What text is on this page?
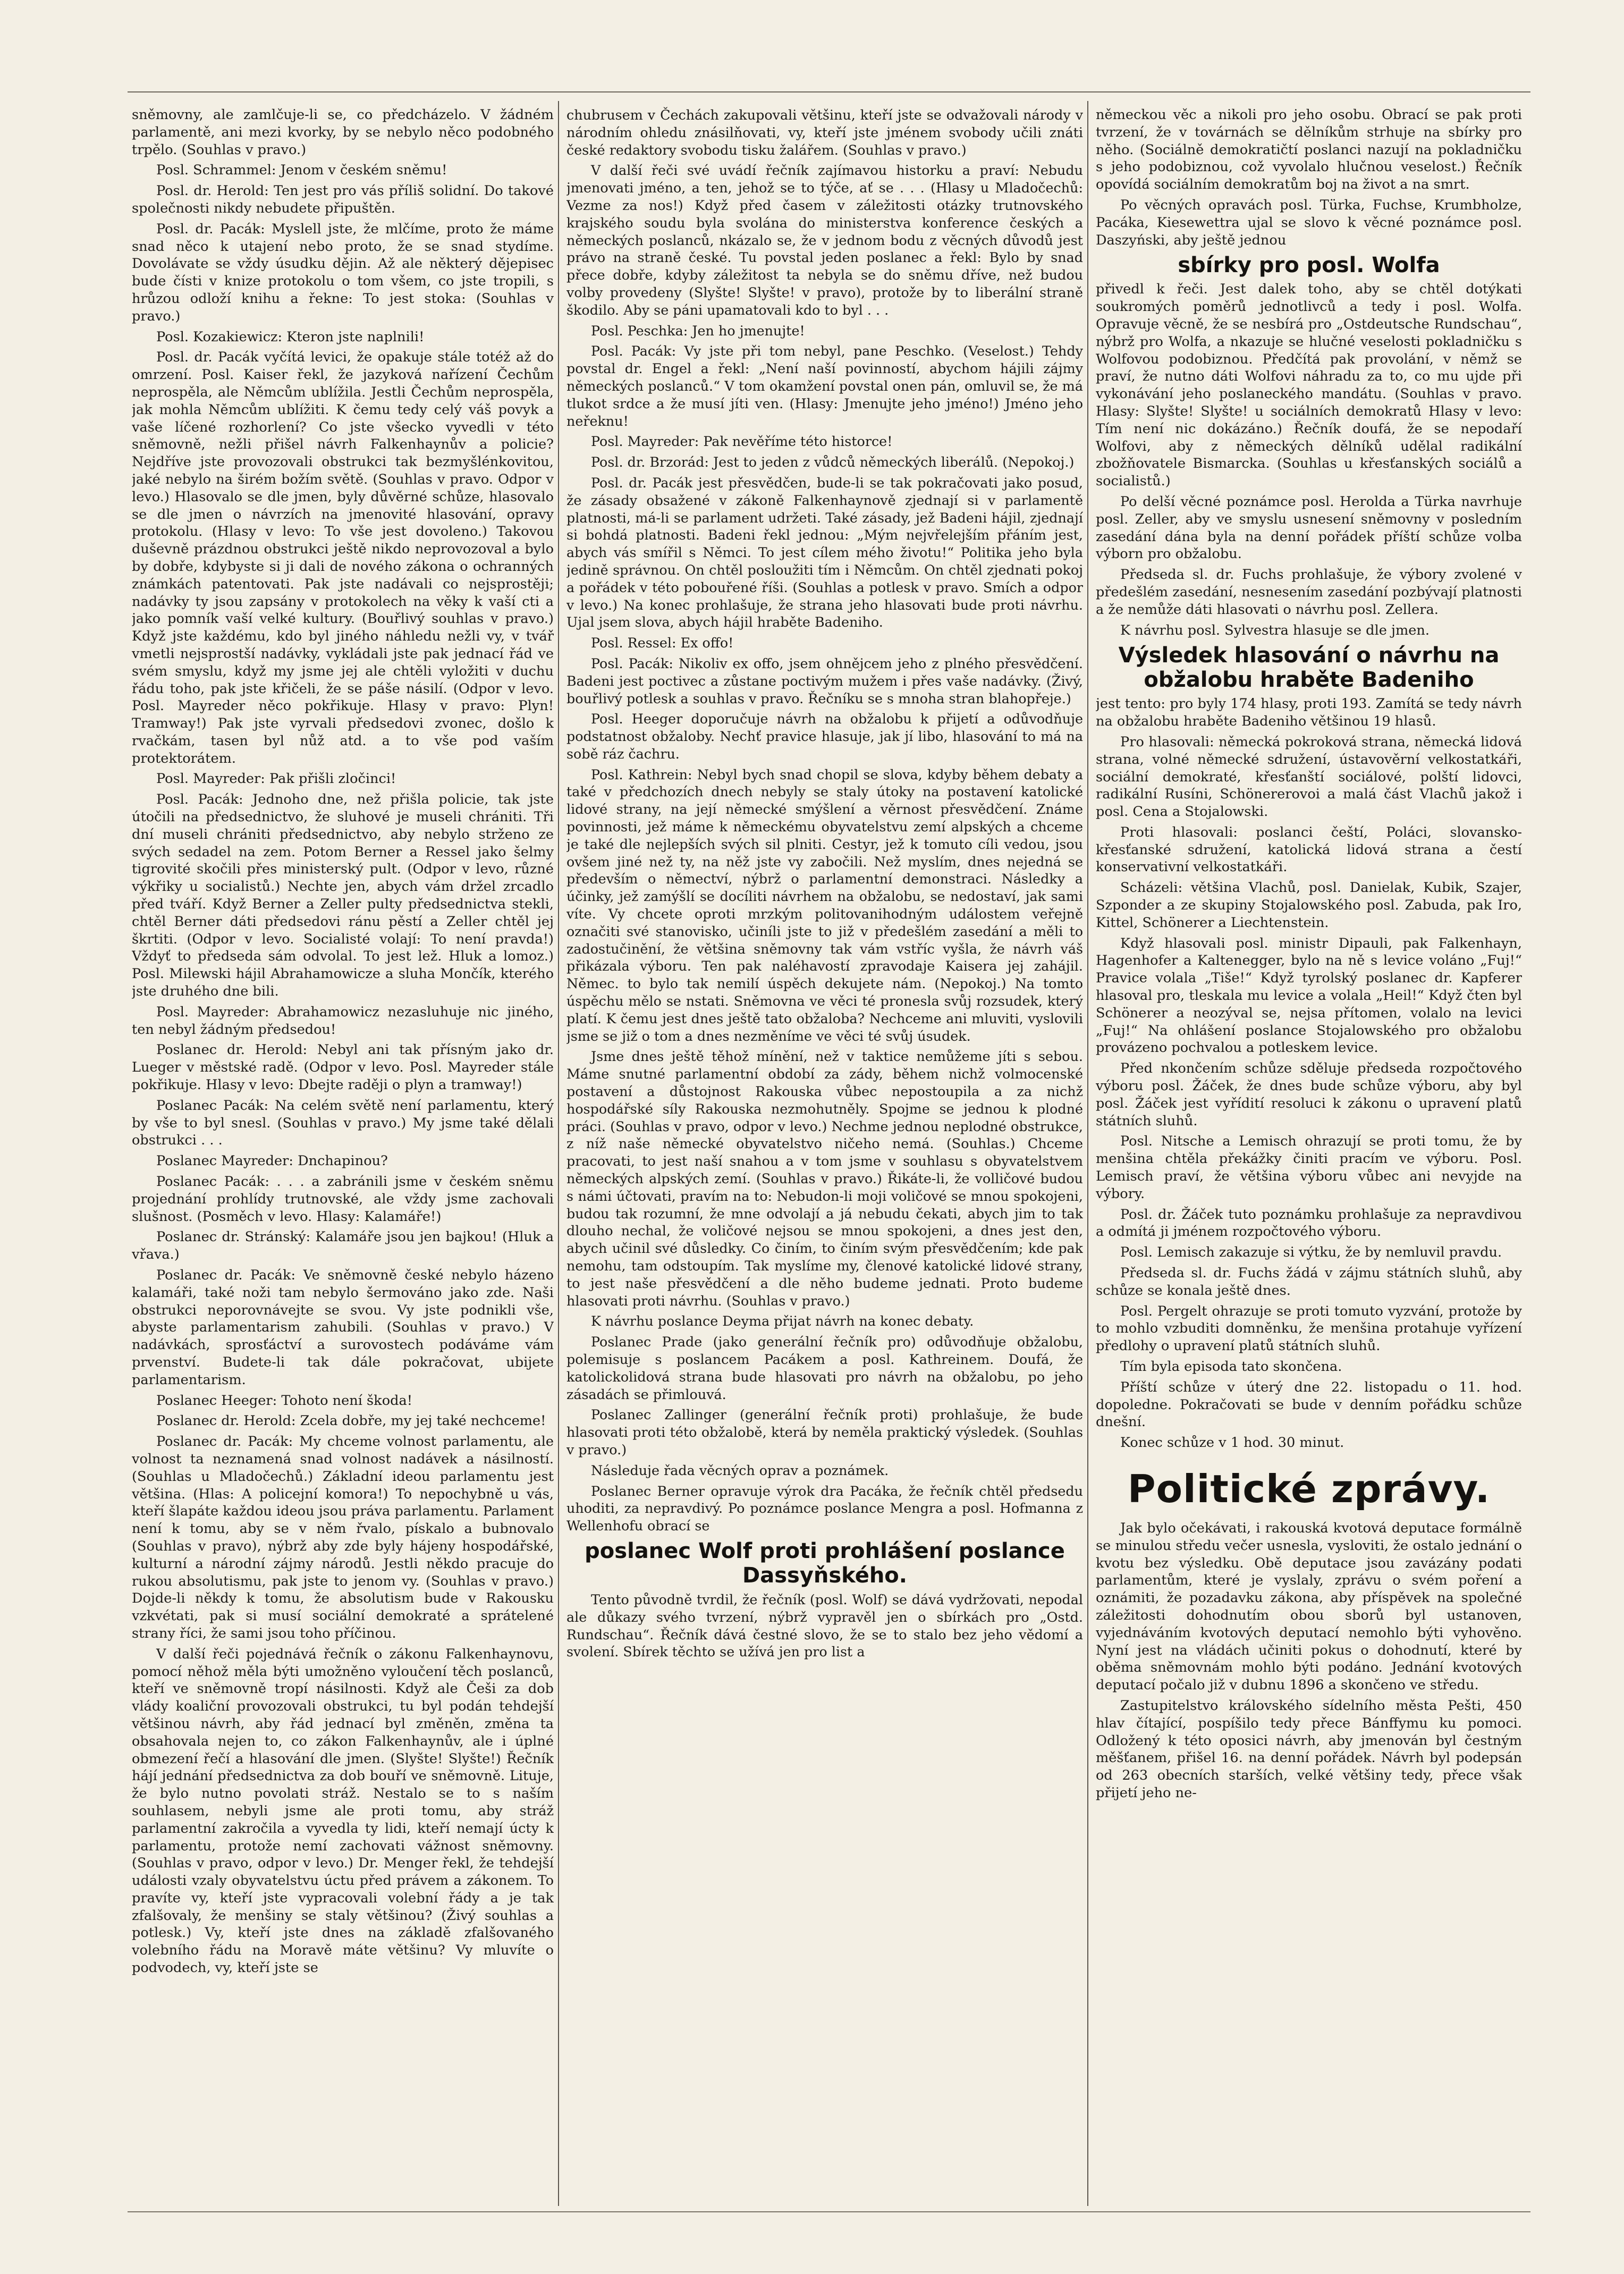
sněmovny, ale zamlčuje-li se, co předcházelo. V žádném parlamentě, ani mezi kvorky, by se nebylo něco podobného trpělo. (Souhlas v pravo.)

Posl. Schrammel: Jenom v českém sněmu!

Posl. dr. Herold: Ten jest pro vás příliš solidní. Do takové společnosti nikdy nebudete připuštěn.

Posl. dr. Pacák: Myslell jste, že mlčíme, proto že máme snad něco k utajení nebo proto, že se snad stydíme. Dovolávate se vždy úsudku dějin. Až ale některý dějepisec bude čísti v knize protokolu o tom všem, co jste tropili, s hrůzou odloží knihu a řekne: To jest stoka: (Souhlas v pravo.)

Posl. Kozakiewicz: Kteron jste naplnili!

Posl. dr. Pacák vyčítá levici, že opakuje stále totéž až do omrzení. Posl. Kaiser řekl, že jazyková nařízení Čechům neprospěla, ale Němcům ublížila. Jestli Čechům neprospěla, jak mohla Němcům ublížiti. K čemu tedy celý váš povyk a vaše líčené rozhorlení? Co jste všecko vyvedli v této sněmovně, nežli přišel návrh Falkenhaynův a policie? Nejdříve jste provozovali obstrukci tak bezmyšlénkovitou, jaké nebylo na širém božím světě. (Souhlas v pravo. Odpor v levo.) Hlasovalo se dle jmen, byly důvěrné schůze, hlasovalo se dle jmen o návrzích na jmenovité hlasování, opravy protokolu. (Hlasy v levo: To vše jest dovoleno.) Takovou duševně prázdnou obstrukci ještě nikdo neprovozoval a bylo by dobře, kdybyste si ji dali de nového zákona o ochranných známkách patentovati. Pak jste nadávali co nejsprostěji; nadávky ty jsou zapsány v protokolech na věky k vaší cti a jako pomník vaší velké kultury. (Bouřlivý souhlas v pravo.) Když jste každému, kdo byl jiného náhledu nežli vy, v tvář vmetli nejsprostší nadávky, vykládali jste pak jednací řád ve svém smyslu, když my jsme jej ale chtěli vyložiti v duchu řádu toho, pak jste křičeli, že se páše násilí. (Odpor v levo. Posl. Mayreder něco pokřikuje. Hlasy v pravo: Plyn! Tramway!) Pak jste vyrvali předsedovi zvonec, došlo k rvačkám, tasen byl nůž atd. a to vše pod vaším protektorátem.

Posl. Mayreder: Pak přišli zločinci!

Posl. Pacák: Jednoho dne, než přišla policie, tak jste útočili na předsednictvo, že sluhové je museli chrániti. Tři dní museli chrániti předsednictvo, aby nebylo strženo ze svých sedadel na zem. Potom Berner a Ressel jako šelmy tigrovité skočili přes ministerský pult. (Odpor v levo, různé výkřiky u socialistů.) Nechte jen, abych vám držel zrcadlo před tváří. Když Berner a Zeller pulty předsednictva stekli, chtěl Berner dáti předsedovi ránu pěstí a Zeller chtěl jej škrtiti. (Odpor v levo. Socialisté volají: To není pravda!) Vždyť to předseda sám odvolal. To jest lež. Hluk a lomoz.) Posl. Milewski hájil Abrahamowicze a sluha Mončík, kterého jste druhého dne bili.

Posl. Mayreder: Abrahamowicz nezasluhuje nic jiného, ten nebyl žádným předsedou!

Poslanec dr. Herold: Nebyl ani tak přísným jako dr. Lueger v městské radě. (Odpor v levo. Posl. Mayreder stále pokřikuje. Hlasy v levo: Dbejte raději o plyn a tramway!)

Poslanec Pacák: Na celém světě není parlamentu, který by vše to byl snesl. (Souhlas v pravo.) My jsme také dělali obstrukci . . .

Poslanec Mayreder: Dnchapinou?

Poslanec Pacák: . . . a zabránili jsme v českém sněmu projednání prohlídy trutnovské, ale vždy jsme zachovali slušnost. (Posměch v levo. Hlasy: Kalamáře!)

Poslanec dr. Stránský: Kalamáře jsou jen bajkou! (Hluk a vřava.)

Poslanec dr. Pacák: Ve sněmovně české nebylo házeno kalamáři, také noži tam nebylo šermováno jako zde. Naši obstrukci neporovnávejte se svou. Vy jste podnikli vše, abyste parlamentarism zahubili. (Souhlas v pravo.) V nadávkách, sprosťáctví a surovostech podáváme vám prvenství. Budete-li tak dále pokračovat, ubijete parlamentarism.

Poslanec Heeger: Tohoto není škoda!

Poslanec dr. Herold: Zcela dobře, my jej také nechceme!

Poslanec dr. Pacák: My chceme volnost parlamentu, ale volnost ta neznamená snad volnost nadávek a násilností. (Souhlas u Mladočechů.) Základní ideou parlamentu jest většina. (Hlas: A policejní komora!) To nepochybně u vás, kteří šlapáte každou ideou jsou práva parlamentu. Parlament není k tomu, aby se v něm řvalo, pískalo a bubnovalo (Souhlas v pravo), nýbrž aby zde byly hájeny hospodářské, kulturní a národní zájmy národů. Jestli někdo pracuje do rukou absolutismu, pak jste to jenom vy. (Souhlas v pravo.) Dojde-li někdy k tomu, že absolutism bude v Rakousku vzkvétati, pak si musí sociální demokraté a sprátelené strany říci, že sami jsou toho příčinou.

V další řeči pojednává řečník o zákonu Falkenhaynovu, pomocí něhož měla býti umožněno vyloučení těch poslanců, kteří ve sněmovně tropí násilnosti. Když ale Češi za dob vlády koaliční provozovali obstrukci, tu byl podán tehdejší většinou návrh, aby řád jednací byl změněn, změna ta obsahovala nejen to, co zákon Falkenhaynův, ale i úplné obmezení řečí a hlasování dle jmen. (Slyšte! Slyšte!) Řečník hájí jednání předsednictva za dob bouří ve sněmovně. Lituje, že bylo nutno povolati stráž. Nestalo se to s naším souhlasem, nebyli jsme ale proti tomu, aby stráž parlamentní zakročila a vyvedla ty lidi, kteří nemají úcty k parlamentu, protože nemí zachovati vážnost sněmovny. (Souhlas v pravo, odpor v levo.) Dr. Menger řekl, že tehdejší události vzaly obyvatelstvu úctu před právem a zákonem. To pravíte vy, kteří jste vypracovali volební řády a je tak zfalšovaly, že menšiny se staly většinou? (Živý souhlas a potlesk.) Vy, kteří jste dnes na základě zfalšovaného volebního řádu na Moravě máte většinu? Vy mluvíte o podvodech, vy, kteří jste se

chubrusem v Čechách zakupovali většinu, kteří jste se odvažovali národy v národním ohledu znásilňovati, vy, kteří jste jménem svobody učili znáti české redaktory svobodu tisku žalářem. (Souhlas v pravo.)

V další řeči své uvádí řečník zajímavou historku a praví: Nebudu jmenovati jméno, a ten, jehož se to týče, ať se . . . (Hlasy u Mladočechů: Vezme za nos!) Když před časem v záležitosti otázky trutnovského krajského soudu byla svolána do ministerstva konference českých a německých poslanců, nkázalo se, že v jednom bodu z věcných důvodů jest právo na straně české. Tu povstal jeden poslanec a řekl: Bylo by snad přece dobře, kdyby záležitost ta nebyla se do sněmu dříve, než budou volby provedeny (Slyšte! Slyšte! v pravo), protože by to liberální straně škodilo. Aby se páni upamatovali kdo to byl . . .

Posl. Peschka: Jen ho jmenujte!

Posl. Pacák: Vy jste při tom nebyl, pane Peschko. (Veselost.) Tehdy povstal dr. Engel a řekl: „Není naší povinností, abychom hájili zájmy německých poslanců.“ V tom okamžení povstal onen pán, omluvil se, že má tlukot srdce a že musí jíti ven. (Hlasy: Jmenujte jeho jméno!) Jméno jeho neřeknu!

Posl. Mayreder: Pak nevěříme této historce!

Posl. dr. Brzorád: Jest to jeden z vůdců německých liberálů. (Nepokoj.)

Posl. dr. Pacák jest přesvědčen, bude-li se tak pokračovati jako posud, že zásady obsažené v zákoně Falkenhaynově zjednají si v parlamentě platnosti, má-li se parlament udržeti. Také zásady, jež Badeni hájil, zjednají si bohdá platnosti. Badeni řekl jednou: „Mým nejvřelejším přáním jest, abych vás smířil s Němci. To jest cílem mého životu!“ Politika jeho byla jedině správnou. On chtěl posloužiti tím i Němcům. On chtěl zjednati pokoj a pořádek v této pobouřené říši. (Souhlas a potlesk v pravo. Smích a odpor v levo.) Na konec prohlašuje, že strana jeho hlasovati bude proti návrhu. Ujal jsem slova, abych hájil hraběte Badeniho.

Posl. Ressel: Ex offo!

Posl. Pacák: Nikoliv ex offo, jsem ohnějcem jeho z plného přesvědčení. Badeni jest poctivec a zůstane poctivým mužem i přes vaše nadávky. (Živý, bouřlivý potlesk a souhlas v pravo. Řečníku se s mnoha stran blahopřeje.)

Posl. Heeger doporučuje návrh na obžalobu k přijetí a odůvodňuje podstatnost obžaloby. Nechť pravice hlasuje, jak jí libo, hlasování to má na sobě ráz čachru.

Posl. Kathrein: Nebyl bych snad chopil se slova, kdyby během debaty a také v předchozích dnech nebyly se staly útoky na postavení katolické lidové strany, na její německé smýšlení a věrnost přesvědčení. Známe povinnosti, jež máme k německému obyvatelstvu zemí alpských a chceme je také dle nejlepších svých sil plniti. Cestyr, jež k tomuto cíli vedou, jsou ovšem jiné než ty, na něž jste vy zabočili. Než myslím, dnes nejedná se především o němectví, nýbrž o parlamentní demonstraci. Následky a účinky, jež zamýšlí se docíliti návrhem na obžalobu, se nedostaví, jak sami víte. Vy chcete oproti mrzkým politovanihodným událostem veřejně označiti své stanovisko, učiníli jste to již v předešlém zasedání a měli to zadostučinění, že většina sněmovny tak vám vstříc vyšla, že návrh váš přikázala výboru. Ten pak naléhavostí zpravodaje Kaisera jej zahájil. Němec. to bylo tak nemilí úspěch dekujete nám. (Nepokoj.) Na tomto úspěchu mělo se nstati. Sněmovna ve věci té pronesla svůj rozsudek, který platí. K čemu jest dnes ještě tato obžaloba? Nechceme ani mluviti, vyslovili jsme se již o tom a dnes nezměníme ve věci té svůj úsudek.

Jsme dnes ještě těhož mínění, než v taktice nemůžeme jíti s sebou. Máme snutné parlamentní období za zády, během nichž volmocenské postavení a důstojnost Rakouska vůbec nepostoupila a za nichž hospodářské síly Rakouska nezmohutněly. Spojme se jednou k plodné práci. (Souhlas v pravo, odpor v levo.) Nechme jednou neplodné obstrukce, z níž naše německé obyvatelstvo ničeho nemá. (Souhlas.) Chceme pracovati, to jest naší snahou a v tom jsme v souhlasu s obyvatelstvem německých alpských zemí. (Souhlas v pravo.) Řikáte-li, že volličové budou s námi účtovati, pravím na to: Nebudon-li moji voličové se mnou spokojeni, budou tak rozumní, že mne odvolají a já nebudu čekati, abych jim to tak dlouho nechal, že voličové nejsou se mnou spokojeni, a dnes jest den, abych učinil své důsledky. Co činím, to činím svým přesvědčením; kde pak nemohu, tam odstoupím. Tak myslíme my, členové katolické lidové strany, to jest naše přesvědčení a dle něho budeme jednati. Proto budeme hlasovati proti návrhu. (Souhlas v pravo.)

K návrhu poslance Deyma přijat návrh na konec debaty.

Poslanec Prade (jako generální řečník pro) odůvodňuje obžalobu, polemisuje s poslancem Pacákem a posl. Kathreinem. Doufá, že katolickolidová strana bude hlasovati pro návrh na obžalobu, po jeho zásadách se přimlouvá.

Poslanec Zallinger (generální řečník proti) prohlašuje, že bude hlasovati proti této obžalobě, která by neměla praktický výsledek. (Souhlas v pravo.)

Následuje řada věcných oprav a poznámek.

Poslanec Berner opravuje výrok dra Pacáka, že řečník chtěl předsedu uhoditi, za nepravdivý. Po poznámce poslance Mengra a posl. Hofmanna z Wellenhofu obrací se

poslanec Wolf proti prohlášení poslance Dassyňského.

Tento původně tvrdil, že řečník (posl. Wolf) se dává vydržovati, nepodal ale důkazy svého tvrzení, nýbrž vypravěl jen o sbírkách pro „Ostd. Rundschau“. Řečník dává čestné slovo, že se to stalo bez jeho vědomí a svolení. Sbírek těchto se užívá jen pro list a

německou věc a nikoli pro jeho osobu. Obrací se pak proti tvrzení, že v továrnách se dělníkům strhuje na sbírky pro něho. (Sociálně demokratičtí poslanci nazují na pokladničku s jeho podobiznou, což vyvolalo hlučnou veselost.) Řečník opovídá sociálním demokratům boj na život a na smrt.

Po věcných opravách posl. Türka, Fuchse, Krumbholze, Pacáka, Kiesewettra ujal se slovo k věcné poznámce posl. Daszyński, aby ještě jednou

sbírky pro posl. Wolfa

přivedl k řeči. Jest dalek toho, aby se chtěl dotýkati soukromých poměrů jednotlivců a tedy i posl. Wolfa. Opravuje věcně, že se nesbírá pro „Ostdeutsche Rundschau“, nýbrž pro Wolfa, a nkazuje se hlučné veselosti pokladničku s Wolfovou podobiznou. Předčítá pak provolání, v němž se praví, že nutno dáti Wolfovi náhradu za to, co mu ujde při vykonávání jeho poslaneckého mandátu. (Souhlas v pravo. Hlasy: Slyšte! Slyšte! u sociálních demokratů Hlasy v levo: Tím není nic dokázáno.) Řečník doufá, že se nepodaří Wolfovi, aby z německých dělníků udělal radikální zbožňovatele Bismarcka. (Souhlas u křesťanských sociálů a socialistů.)

Po delší věcné poznámce posl. Herolda a Türka navrhuje posl. Zeller, aby ve smyslu usnesení sněmovny v posledním zasedání dána byla na denní pořádek příští schůze volba výborn pro obžalobu.

Předseda sl. dr. Fuchs prohlašuje, že výbory zvolené v předešlém zasedání, nesnesením zasedání pozbývají platnosti a že nemůže dáti hlasovati o návrhu posl. Zellera.

K návrhu posl. Sylvestra hlasuje se dle jmen.

Výsledek hlasování o návrhu na obžalobu hraběte Badeniho

jest tento: pro byly 174 hlasy, proti 193. Zamítá se tedy návrh na obžalobu hraběte Badeniho většinou 19 hlasů.

Pro hlasovali: německá pokroková strana, německá lidová strana, volné německé sdružení, ústavověrní velkostatkáři, sociální demokraté, křesťanští sociálové, polští lidovci, radikální Rusíni, Schönererovoi a malá část Vlachů jakož i posl. Cena a Stojalowski.

Proti hlasovali: poslanci čeští, Poláci, slovansko-křesťanské sdružení, katolická lidová strana a čestí konservativní velkostatkáři.

Scházeli: většina Vlachů, posl. Danielak, Kubik, Szajer, Szponder a ze skupiny Stojalowského posl. Zabuda, pak Iro, Kittel, Schönerer a Liechtenstein.

Když hlasovali posl. ministr Dipauli, pak Falkenhayn, Hagenhofer a Kaltenegger, bylo na ně s levice voláno „Fuj!“ Pravice volala „Tiše!“ Když tyrolský poslanec dr. Kapferer hlasoval pro, tleskala mu levice a volala „Heil!“ Když čten byl Schönerer a neozýval se, nejsa přítomen, volalo na levici „Fuj!“ Na ohlášení poslance Stojalowského pro obžalobu provázeno pochvalou a potleskem levice.

Před nkončením schůze sděluje předseda rozpočtového výboru posl. Žáček, že dnes bude schůze výboru, aby byl posl. Žáček jest vyřídití resoluci k zákonu o upravení platů státních sluhů.

Posl. Nitsche a Lemisch ohrazují se proti tomu, že by menšina chtěla překážky činiti pracím ve výboru. Posl. Lemisch praví, že většina výboru vůbec ani nevyjde na výbory.

Posl. dr. Žáček tuto poznámku prohlašuje za nepravdivou a odmítá ji jménem rozpočtového výboru.

Posl. Lemisch zakazuje si výtku, že by nemluvil pravdu.

Předseda sl. dr. Fuchs žádá v zájmu státních sluhů, aby schůze se konala ještě dnes.

Posl. Pergelt ohrazuje se proti tomuto vyzvání, protože by to mohlo vzbuditi domněnku, že menšina protahuje vyřízení předlohy o upravení platů státních sluhů.

Tím byla episoda tato skončena.

Příští schůze v úterý dne 22. listopadu o 11. hod. dopoledne. Pokračovati se bude v denním pořádku schůze dnešní.

Konec schůze v 1 hod. 30 minut.

Politické zprávy.

Jak bylo očekávati, i rakouská kvotová deputace formálně se minulou středu večer usnesla, vysloviti, že ostalo jednání o kvotu bez výsledku. Obě deputace jsou zavázány podati parlamentům, které je vyslaly, zprávu o svém poření a oznámiti, že pozadavku zákona, aby příspěvek na společné záležitosti dohodnutím obou sborů byl ustanoven, vyjednáváním kvotových deputací nemohlo býti vyhověno. Nyní jest na vládách učiniti pokus o dohodnutí, které by oběma sněmovnám mohlo býti podáno. Jednání kvotových deputací počalo již v dubnu 1896 a skončeno ve středu.

Zastupitelstvo královského sídelního města Pešti, 450 hlav čítající, pospíšilo tedy přece Bánffymu ku pomoci. Odložený k této oposici návrh, aby jmenován byl čestným měšťanem, přišel 16. na denní pořádek. Návrh byl podepsán od 263 obecních starších, velké většiny tedy, přece však přijetí jeho ne-
